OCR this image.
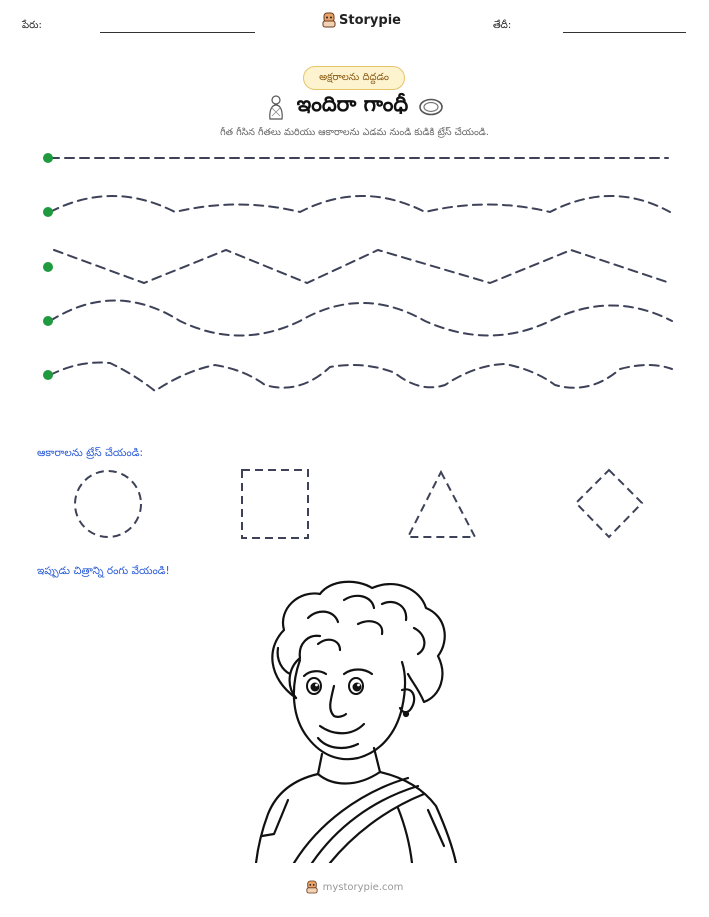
పేరు:	Storypie	తేదీ:
అక్షరాలను దిద్దడం
ఇందిరా గాంధీ
గీత గీసిన గీతలు మరియు ఆకారాలను ఎడమ నుండి కుడికి ట్రేస్ చేయండి.
ఆకారాలను ట్రేస్ చేయండి:
ఇప్పుడు చిత్రాన్ని రంగు వేయండి!
mystorypie.com
